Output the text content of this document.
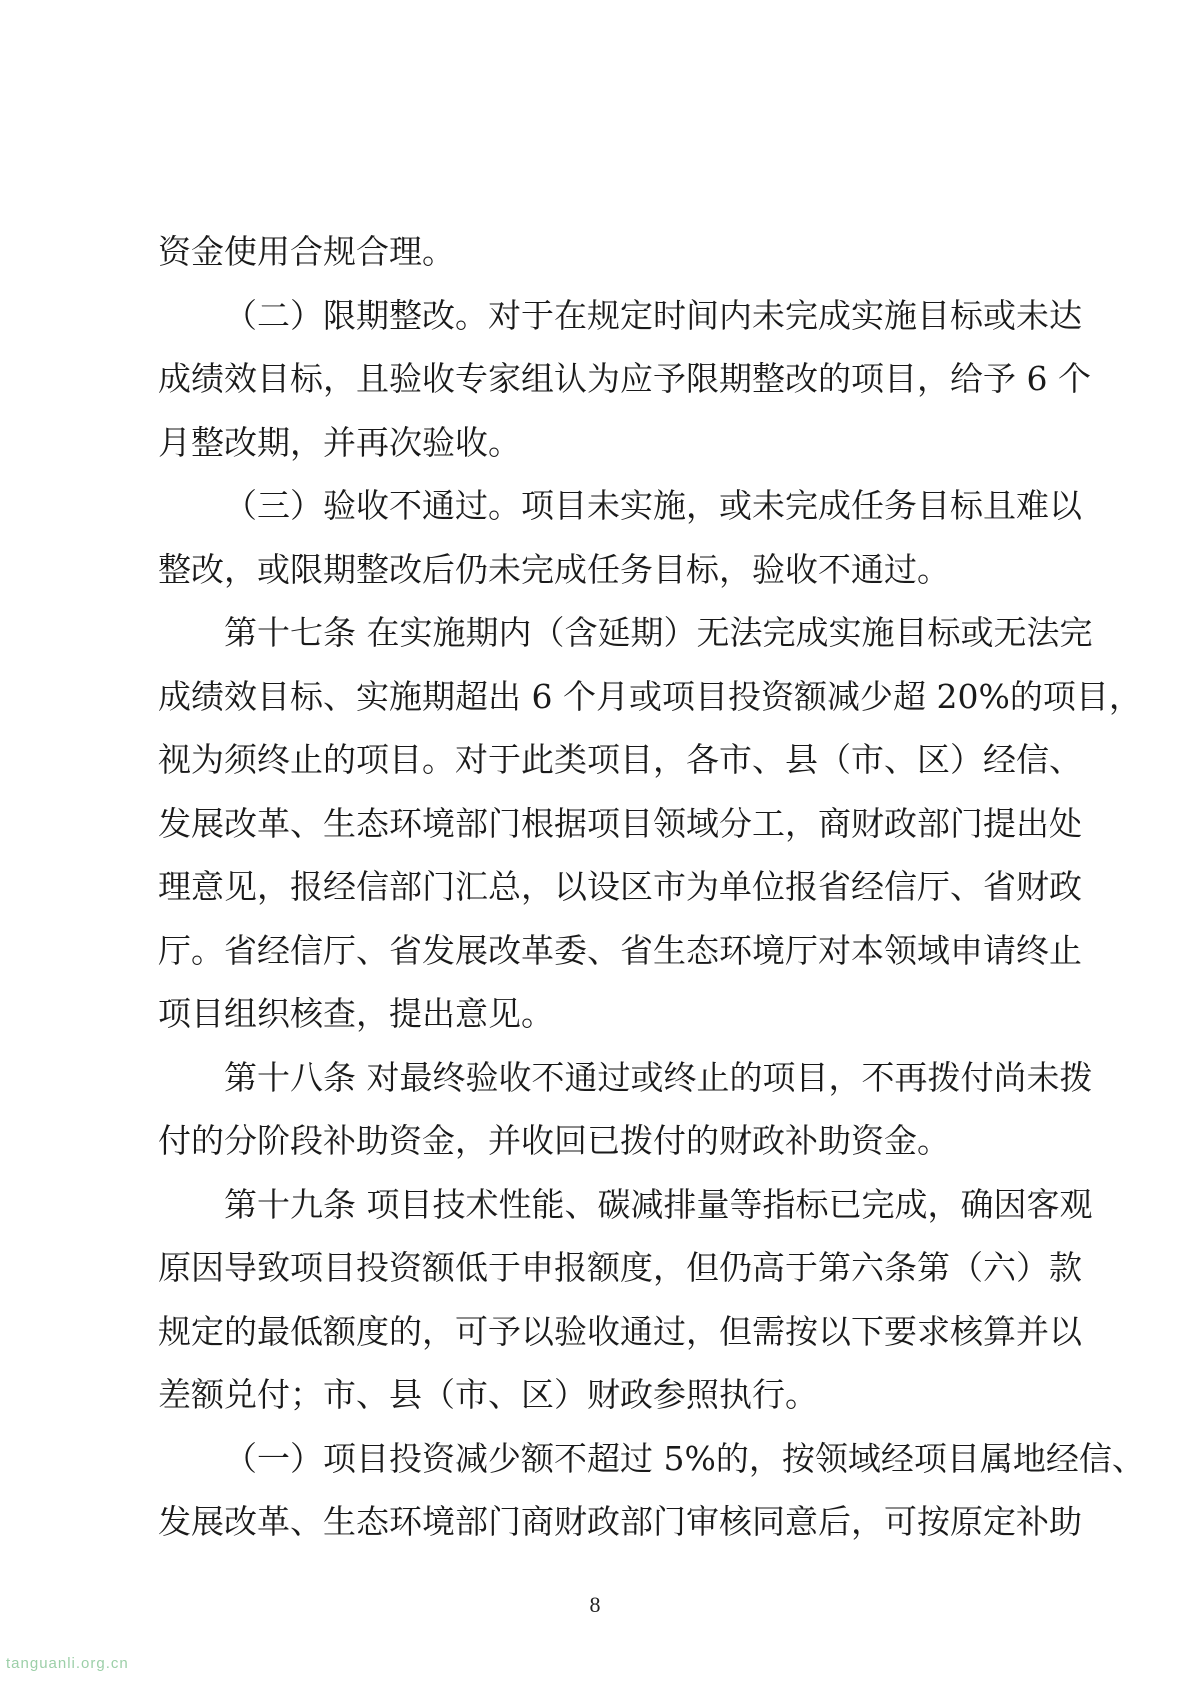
资金使用合规合理。
（二）限期整改。对于在规定时间内未完成实施目标或未达
成绩效目标，且验收专家组认为应予限期整改的项目，给予 6 个
月整改期，并再次验收。
（三）验收不通过。项目未实施，或未完成任务目标且难以
整改，或限期整改后仍未完成任务目标，验收不通过。
第十七条 在实施期内（含延期）无法完成实施目标或无法完
成绩效目标、实施期超出 6 个月或项目投资额减少超 20%的项目，
视为须终止的项目。对于此类项目，各市、县（市、区）经信、
发展改革、生态环境部门根据项目领域分工，商财政部门提出处
理意见，报经信部门汇总，以设区市为单位报省经信厅、省财政
厅。省经信厅、省发展改革委、省生态环境厅对本领域申请终止
项目组织核查，提出意见。
第十八条 对最终验收不通过或终止的项目，不再拨付尚未拨
付的分阶段补助资金，并收回已拨付的财政补助资金。
第十九条 项目技术性能、碳减排量等指标已完成，确因客观
原因导致项目投资额低于申报额度，但仍高于第六条第（六）款
规定的最低额度的，可予以验收通过，但需按以下要求核算并以
差额兑付；市、县（市、区）财政参照执行。
（一）项目投资减少额不超过 5%的，按领域经项目属地经信、
发展改革、生态环境部门商财政部门审核同意后，可按原定补助
8
tanguanli.org.cn
